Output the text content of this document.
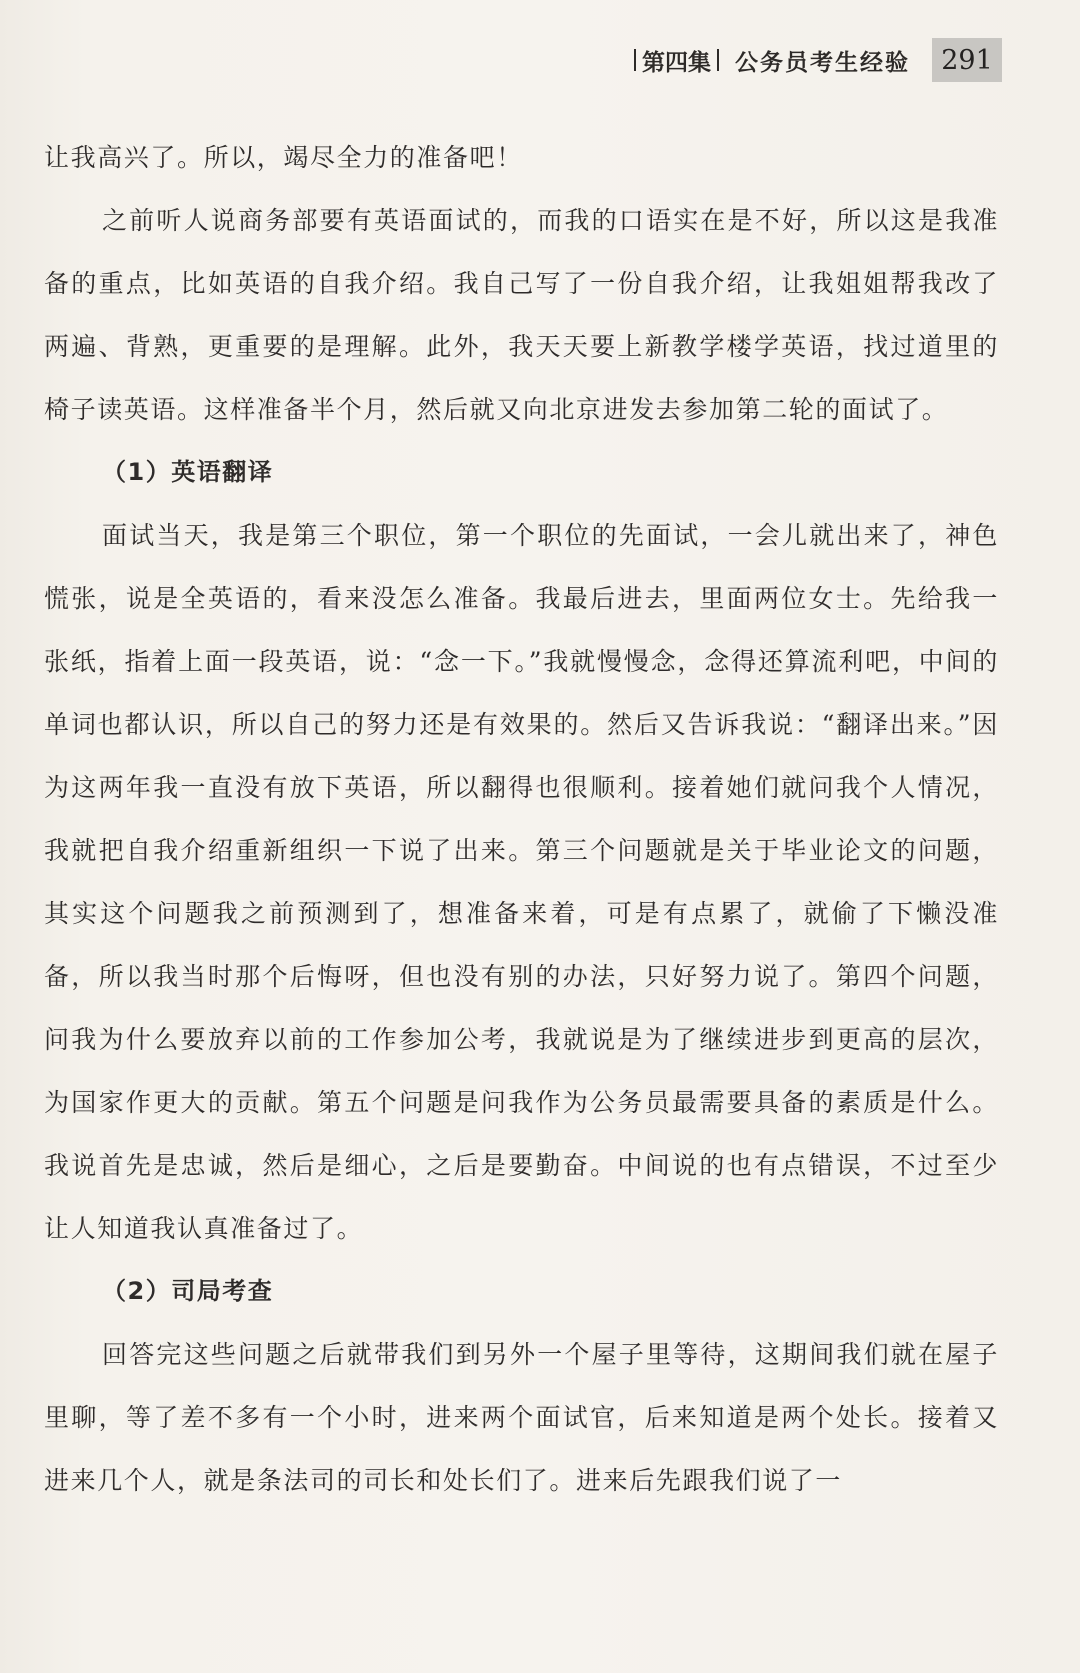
第四集 公务员考生经验	291

让我高兴了。所以，竭尽全力的准备吧！

之前听人说商务部要有英语面试的，而我的口语实在是不好，所以这是我准备的重点，比如英语的自我介绍。我自己写了一份自我介绍，让我姐姐帮我改了两遍、背熟，更重要的是理解。此外，我天天要上新教学楼学英语，找过道里的椅子读英语。这样准备半个月，然后就又向北京进发去参加第二轮的面试了。

（1）英语翻译

面试当天，我是第三个职位，第一个职位的先面试，一会儿就出来了，神色慌张，说是全英语的，看来没怎么准备。我最后进去，里面两位女士。先给我一张纸，指着上面一段英语，说：“念一下。”我就慢慢念，念得还算流利吧，中间的单词也都认识，所以自己的努力还是有效果的。然后又告诉我说：“翻译出来。”因为这两年我一直没有放下英语，所以翻得也很顺利。接着她们就问我个人情况，我就把自我介绍重新组织一下说了出来。第三个问题就是关于毕业论文的问题，其实这个问题我之前预测到了，想准备来着，可是有点累了，就偷了下懒没准备，所以我当时那个后悔呀，但也没有别的办法，只好努力说了。第四个问题，问我为什么要放弃以前的工作参加公考，我就说是为了继续进步到更高的层次，为国家作更大的贡献。第五个问题是问我作为公务员最需要具备的素质是什么。我说首先是忠诚，然后是细心，之后是要勤奋。中间说的也有点错误，不过至少让人知道我认真准备过了。

（2）司局考查

回答完这些问题之后就带我们到另外一个屋子里等待，这期间我们就在屋子里聊，等了差不多有一个小时，进来两个面试官，后来知道是两个处长。接着又进来几个人，就是条法司的司长和处长们了。进来后先跟我们说了一
